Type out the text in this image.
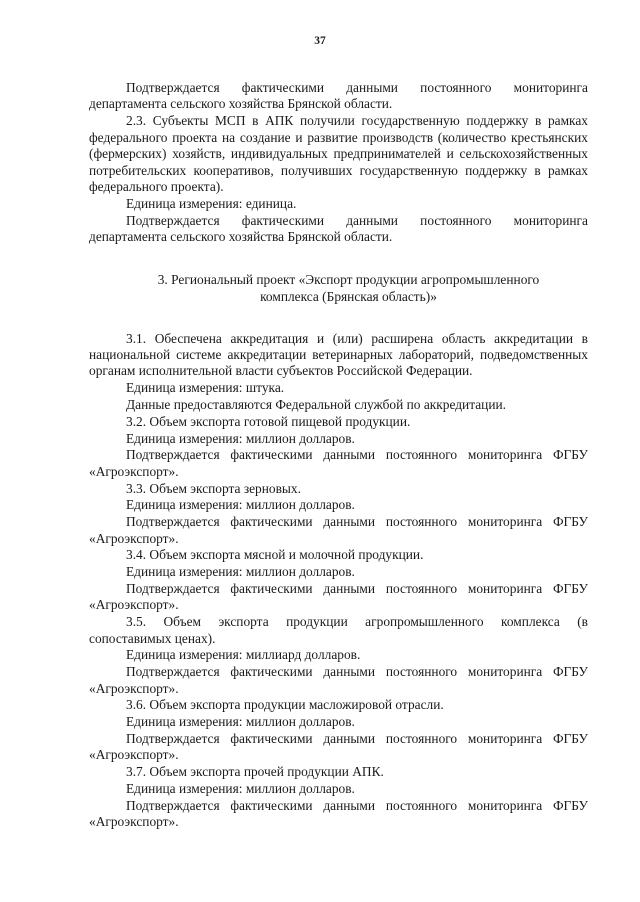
37

Подтверждается фактическими данными постоянного мониторинга департамента сельского хозяйства Брянской области.

2.3. Субъекты МСП в АПК получили государственную поддержку в рамках федерального проекта на создание и развитие производств (количество крестьянских (фермерских) хозяйств, индивидуальных предпринимателей и сельскохозяйственных потребительских кооперативов, получивших государственную поддержку в рамках федерального проекта).

Единица измерения: единица.

Подтверждается фактическими данными постоянного мониторинга департамента сельского хозяйства Брянской области.

3. Региональный проект «Экспорт продукции агропромышленного комплекса (Брянская область)»

3.1. Обеспечена аккредитация и (или) расширена область аккредитации в национальной системе аккредитации ветеринарных лабораторий, подведомственных органам исполнительной власти субъектов Российской Федерации.

Единица измерения: штука.

Данные предоставляются Федеральной службой по аккредитации.

3.2. Объем экспорта готовой пищевой продукции.

Единица измерения: миллион долларов.

Подтверждается фактическими данными постоянного мониторинга ФГБУ «Агроэкспорт».

3.3. Объем экспорта зерновых.

Единица измерения: миллион долларов.

Подтверждается фактическими данными постоянного мониторинга ФГБУ «Агроэкспорт».

3.4. Объем экспорта мясной и молочной продукции.

Единица измерения: миллион долларов.

Подтверждается фактическими данными постоянного мониторинга ФГБУ «Агроэкспорт».

3.5. Объем экспорта продукции агропромышленного комплекса (в сопоставимых ценах).

Единица измерения: миллиард долларов.

Подтверждается фактическими данными постоянного мониторинга ФГБУ «Агроэкспорт».

3.6. Объем экспорта продукции масложировой отрасли.

Единица измерения: миллион долларов.

Подтверждается фактическими данными постоянного мониторинга ФГБУ «Агроэкспорт».

3.7. Объем экспорта прочей продукции АПК.

Единица измерения: миллион долларов.

Подтверждается фактическими данными постоянного мониторинга ФГБУ «Агроэкспорт».
